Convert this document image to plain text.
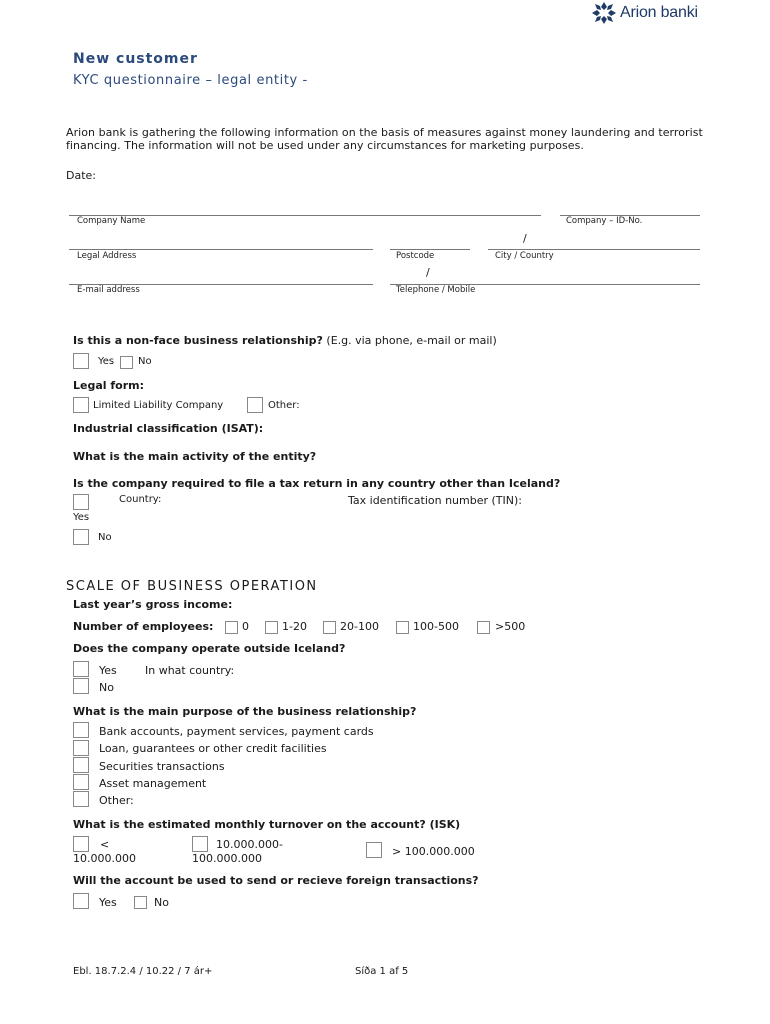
Arion banki
New customer
KYC questionnaire – legal entity -
Arion bank is gathering the following information on the basis of measures against money laundering and terrorist financing. The information will not be used under any circumstances for marketing purposes.
Date:
Company Name	Company – ID-No.
/
Legal Address	Postcode	City / Country
/
E-mail address	Telephone / Mobile
Is this a non-face business relationship? (E.g. via phone, e-mail or mail)
Yes No
Legal form:
Limited Liability Company	Other:
Industrial classification (ISAT):
What is the main activity of the entity?
Is the company required to file a tax return in any country other than Iceland?
Country:	Tax identification number (TIN):
Yes
No
SCALE OF BUSINESS OPERATION
Last year’s gross income:
Number of employees:	0	1-20	20-100	100-500	>500
Does the company operate outside Iceland?
Yes	In what country:
No
What is the main purpose of the business relationship?
Bank accounts, payment services, payment cards
Loan, guarantees or other credit facilities
Securities transactions
Asset management
Other:
What is the estimated monthly turnover on the account? (ISK)
<
10.000.000
10.000.000-
100.000.000
> 100.000.000
Will the account be used to send or recieve foreign transactions?
Yes	No
Ebl. 18.7.2.4 / 10.22 / 7 ár+	Síða 1 af 5
